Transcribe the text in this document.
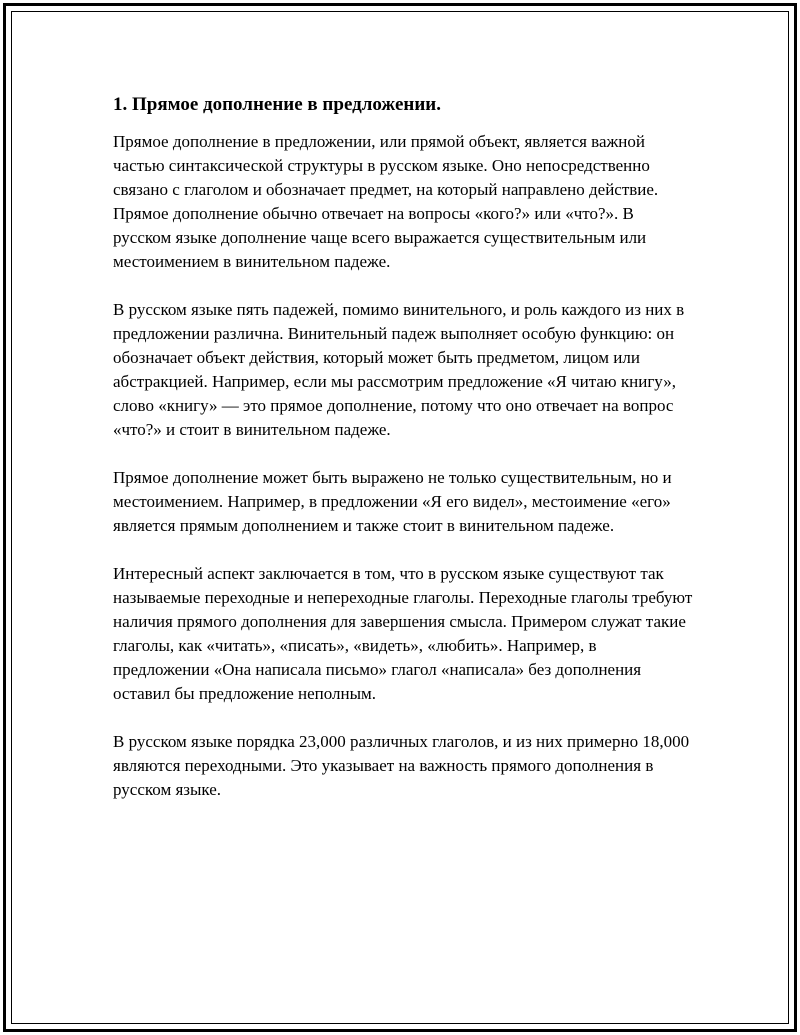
1. Прямое дополнение в предложении.

Прямое дополнение в предложении, или прямой объект, является важной частью синтаксической структуры в русском языке. Оно непосредственно связано с глаголом и обозначает предмет, на который направлено действие. Прямое дополнение обычно отвечает на вопросы «кого?» или «что?». В русском языке дополнение чаще всего выражается существительным или местоимением в винительном падеже.

В русском языке пять падежей, помимо винительного, и роль каждого из них в предложении различна. Винительный падеж выполняет особую функцию: он обозначает объект действия, который может быть предметом, лицом или абстракцией. Например, если мы рассмотрим предложение «Я читаю книгу», слово «книгу» — это прямое дополнение, потому что оно отвечает на вопрос «что?» и стоит в винительном падеже.

Прямое дополнение может быть выражено не только существительным, но и местоимением. Например, в предложении «Я его видел», местоимение «его» является прямым дополнением и также стоит в винительном падеже.

Интересный аспект заключается в том, что в русском языке существуют так называемые переходные и непереходные глаголы. Переходные глаголы требуют наличия прямого дополнения для завершения смысла. Примером служат такие глаголы, как «читать», «писать», «видеть», «любить». Например, в предложении «Она написала письмо» глагол «написала» без дополнения оставил бы предложение неполным.

В русском языке порядка 23,000 различных глаголов, и из них примерно 18,000 являются переходными. Это указывает на важность прямого дополнения в русском языке.
